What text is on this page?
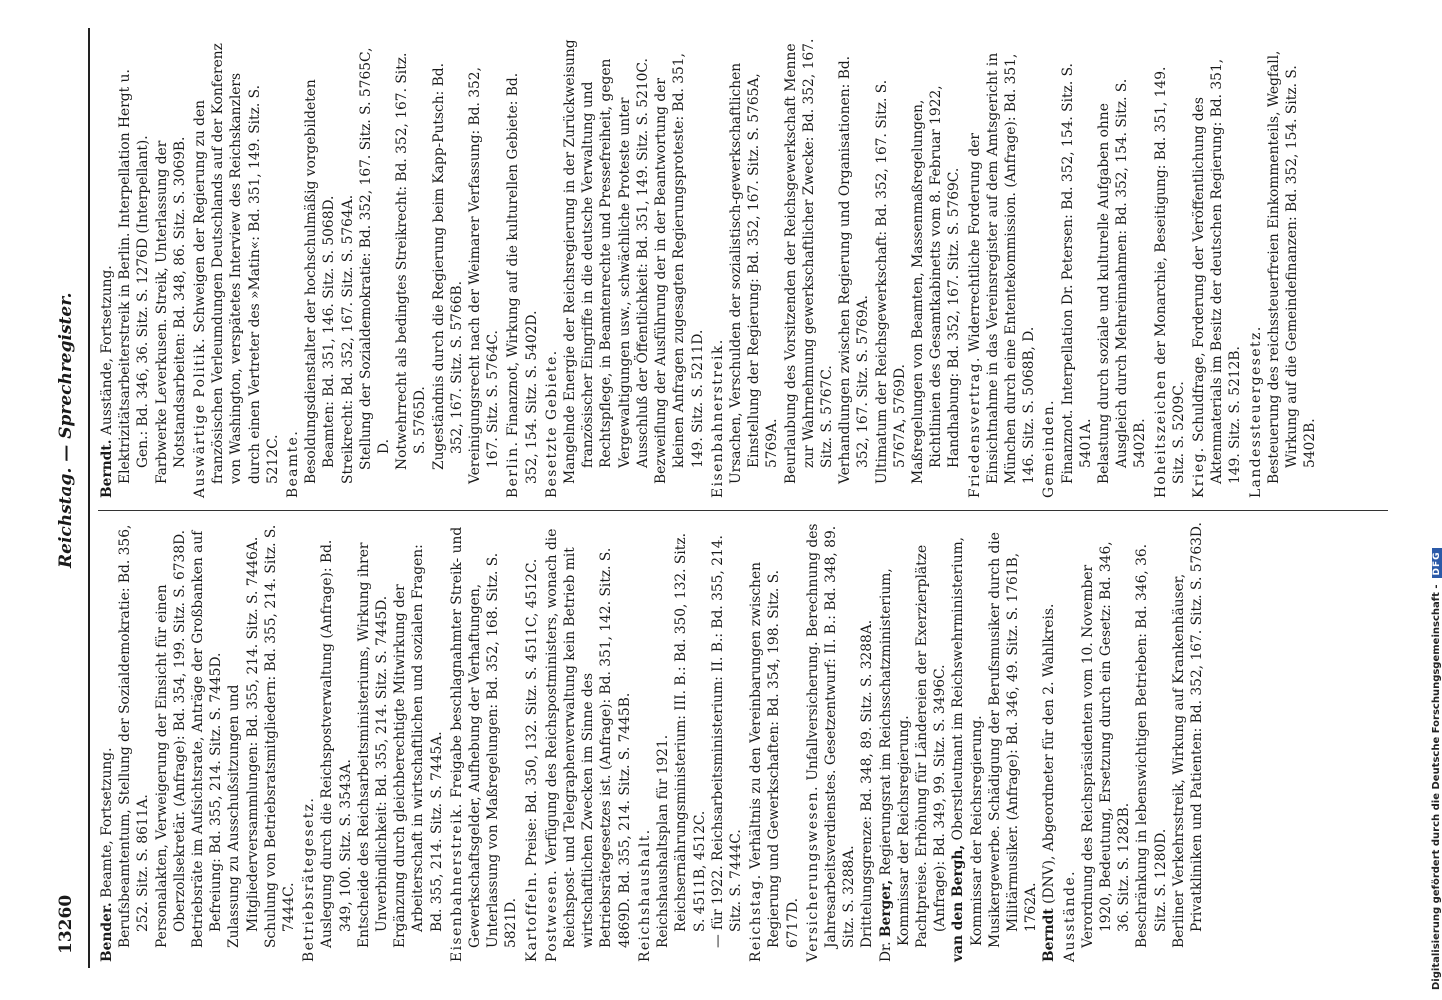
13260
Reichstag. — Sprechregister.

Bender. Beamte, Fortsetzung. Berufsbeamtentum, Stellung der Sozialdemokratie: Bd. 356, 252. Sitz. S. 8611A. Personalakten, Verweigerung der Einsicht für einen Oberzollsekretär. (Anfrage): Bd. 354, 199. Sitz. S. 6738D. Betriebsräte im Aufsichtsrate, Anträge der Großbanken auf Befreiung: Bd. 355, 214. Sitz. S. 7445D. Zulassung zu Ausschußsitzungen und Mitgliederversammlungen: Bd. 355, 214. Sitz. S. 7446A. Schulung von Betriebsratsmitgliedern: Bd. 355, 214. Sitz. S. 7444C. Betriebsrätegesetz. Auslegung durch die Reichspostverwaltung (Anfrage): Bd. 349, 100. Sitz. S. 3543A. Entscheide des Reichsarbeitsministeriums, Wirkung ihrer Unverbindlichkeit: Bd. 355, 214. Sitz. S. 7445D. Ergänzung durch gleichberechtigte Mitwirkung der Arbeiterschaft in wirtschaftlichen und sozialen Fragen: Bd. 355, 214. Sitz. S. 7445A. Eisenbahnerstreik. Freigabe beschlagnahmter Streik- und Gewerkschaftsgelder, Aufhebung der Verhaftungen, Unterlassung von Maßregelungen: Bd. 352, 168. Sitz. S. 5821D. Kartoffeln. Preise: Bd. 350, 132. Sitz. S. 4511C, 4512C.

Postwesen. Verfügung des Reichspostministers, wonach die Reichspost- und Telegraphenverwaltung kein Betrieb mit wirtschaftlichen Zwecken im Sinne des Betriebsrätegesetzes ist. (Anfrage): Bd. 351, 142. Sitz. S. 4869D. Bd. 355, 214. Sitz. S. 7445B. Reichshaushalt. Reichshaushaltsplan für 1921. Reichsernährungsministerium: III. B.: Bd. 350, 132. Sitz. S. 4511B, 4512C. — für 1922. Reichsarbeitsministerium: II. B.: Bd. 355, 214. Sitz. S. 7444C. Reichstag. Verhältnis zu den Vereinbarungen zwischen Regierung und Gewerkschaften: Bd. 354, 198. Sitz. S. 6717D. Versicherungswesen. Unfallversicherung. Berechnung des Jahresarbeitsverdienstes. Gesetzentwurf: II. B.: Bd. 348, 89. Sitz. S. 3288A. Drittelungsgrenze: Bd. 348, 89. Sitz. S. 3288A.

Dr. Berger, Regierungsrat im Reichsschatzministerium, Kommissar der Reichsregierung. Pachtpreise. Erhöhung für Ländereien der Exerzierplätze (Anfrage): Bd. 349, 99. Sitz. S. 3496C. van den Bergh, Oberstleutnant im Reichswehrministerium, Kommissar der Reichsregierung. Musikergewerbe. Schädigung der Berufsmusiker durch die Militärmusiker. (Anfrage): Bd. 346, 49. Sitz. S. 1761B, 1762A.

Berndt (DNV), Abgeordneter für den 2. Wahlkreis.

Ausstände. Verordnung des Reichspräsidenten vom 10. November 1920, Bedeutung, Ersetzung durch ein Gesetz: Bd. 346, 36. Sitz. S. 1282B. Beschränkung in lebenswichtigen Betrieben: Bd. 346, 36. Sitz. S. 1280D. Berliner Verkehrsstreik, Wirkung auf Krankenhäuser, Privatkliniken und Patienten: Bd. 352, 167. Sitz. S. 5763D.

Berndt. Ausstände, Fortsetzung. Elektrizitätsarbeiterstreik in Berlin. Interpellation Hergt u. Gen.: Bd. 346, 36. Sitz. S. 1276D (Interpellant). Farbwerke Leverkusen. Streik, Unterlassung der Notstandsarbeiten: Bd. 348, 86. Sitz. S. 3069B. Auswärtige Politik. Schweigen der Regierung zu den französischen Verleumdungen Deutschlands auf der Konferenz von Washington, verspätetes Interview des Reichskanzlers durch einen Vertreter des »Matin«: Bd. 351, 149. Sitz. S. 5212C. Beamte. Besoldungsdienstalter der hochschulmäßig vorgebildeten Beamten: Bd. 351, 146. Sitz. S. 5068D. Streikrecht: Bd. 352, 167. Sitz. S. 5764A. Stellung der Sozialdemokratie: Bd. 352, 167. Sitz. S. 5765C, D. Notwehrrecht als bedingtes Streikrecht: Bd. 352, 167. Sitz. S. 5765D. Zugeständnis durch die Regierung beim Kapp-Putsch: Bd. 352, 167. Sitz. S. 5766B. Vereinigungsrecht nach der Weimarer Verfassung: Bd. 352, 167. Sitz. S. 5764C.

Berlin. Finanznot, Wirkung auf die kulturellen Gebiete: Bd. 352, 154. Sitz. S. 5402D. Besetzte Gebiete. Mangelnde Energie der Reichsregierung in der Zurückweisung französischer Eingriffe in die deutsche Verwaltung und Rechtspflege, in Beamtenrechte und Pressefreiheit, gegen Vergewaltigungen usw., schwächliche Proteste unter Ausschluß der Öffentlichkeit: Bd. 351, 149. Sitz. S. 5210C. Bezweiflung der Ausführung der in der Beantwortung der kleinen Anfragen zugesagten Regierungsproteste: Bd. 351, 149. Sitz. S. 5211D. Eisenbahnerstreik. Ursachen, Verschulden der sozialistisch-gewerkschaftlichen Einstellung der Regierung: Bd. 352, 167. Sitz. S. 5765A, 5769A. Beurlaubung des Vorsitzenden der Reichsgewerkschaft Menne zur Wahrnehmung gewerkschaftlicher Zwecke: Bd. 352, 167. Sitz. S. 5767C. Verhandlungen zwischen Regierung und Organisationen: Bd. 352, 167. Sitz. S. 5769A. Ultimatum der Reichsgewerkschaft: Bd. 352, 167. Sitz. S. 5767A, 5769D. Maßregelungen von Beamten, Massenmaßregelungen, Richtlinien des Gesamtkabinetts vom 8. Februar 1922, Handhabung: Bd. 352, 167. Sitz. S. 5769C. Friedensvertrag. Widerrechtliche Forderung der Einsichtnahme in das Vereinsregister auf dem Amtsgericht in München durch eine Ententekommission. (Anfrage): Bd. 351, 146. Sitz. S. 5068B, D. Gemeinden. Finanznot. Interpellation Dr. Petersen: Bd. 352, 154. Sitz. S. 5401A. Belastung durch soziale und kulturelle Aufgaben ohne Ausgleich durch Mehreinnahmen: Bd. 352, 154. Sitz. S. 5402B. Hoheitszeichen der Monarchie, Beseitigung: Bd. 351, 149. Sitz. S. 5209C. Krieg. Schuldfrage, Forderung der Veröffentlichung des Aktenmaterials im Besitz der deutschen Regierung: Bd. 351, 149. Sitz. S. 5212B. Landessteuergesetz. Besteuerung des reichssteuerfreien Einkommenteils, Wegfall, Wirkung auf die Gemeindefinanzen: Bd. 352, 154. Sitz. S. 5402B.

Digitalisierung gefördert durch die Deutsche Forschungsgemeinschaft -DFG
